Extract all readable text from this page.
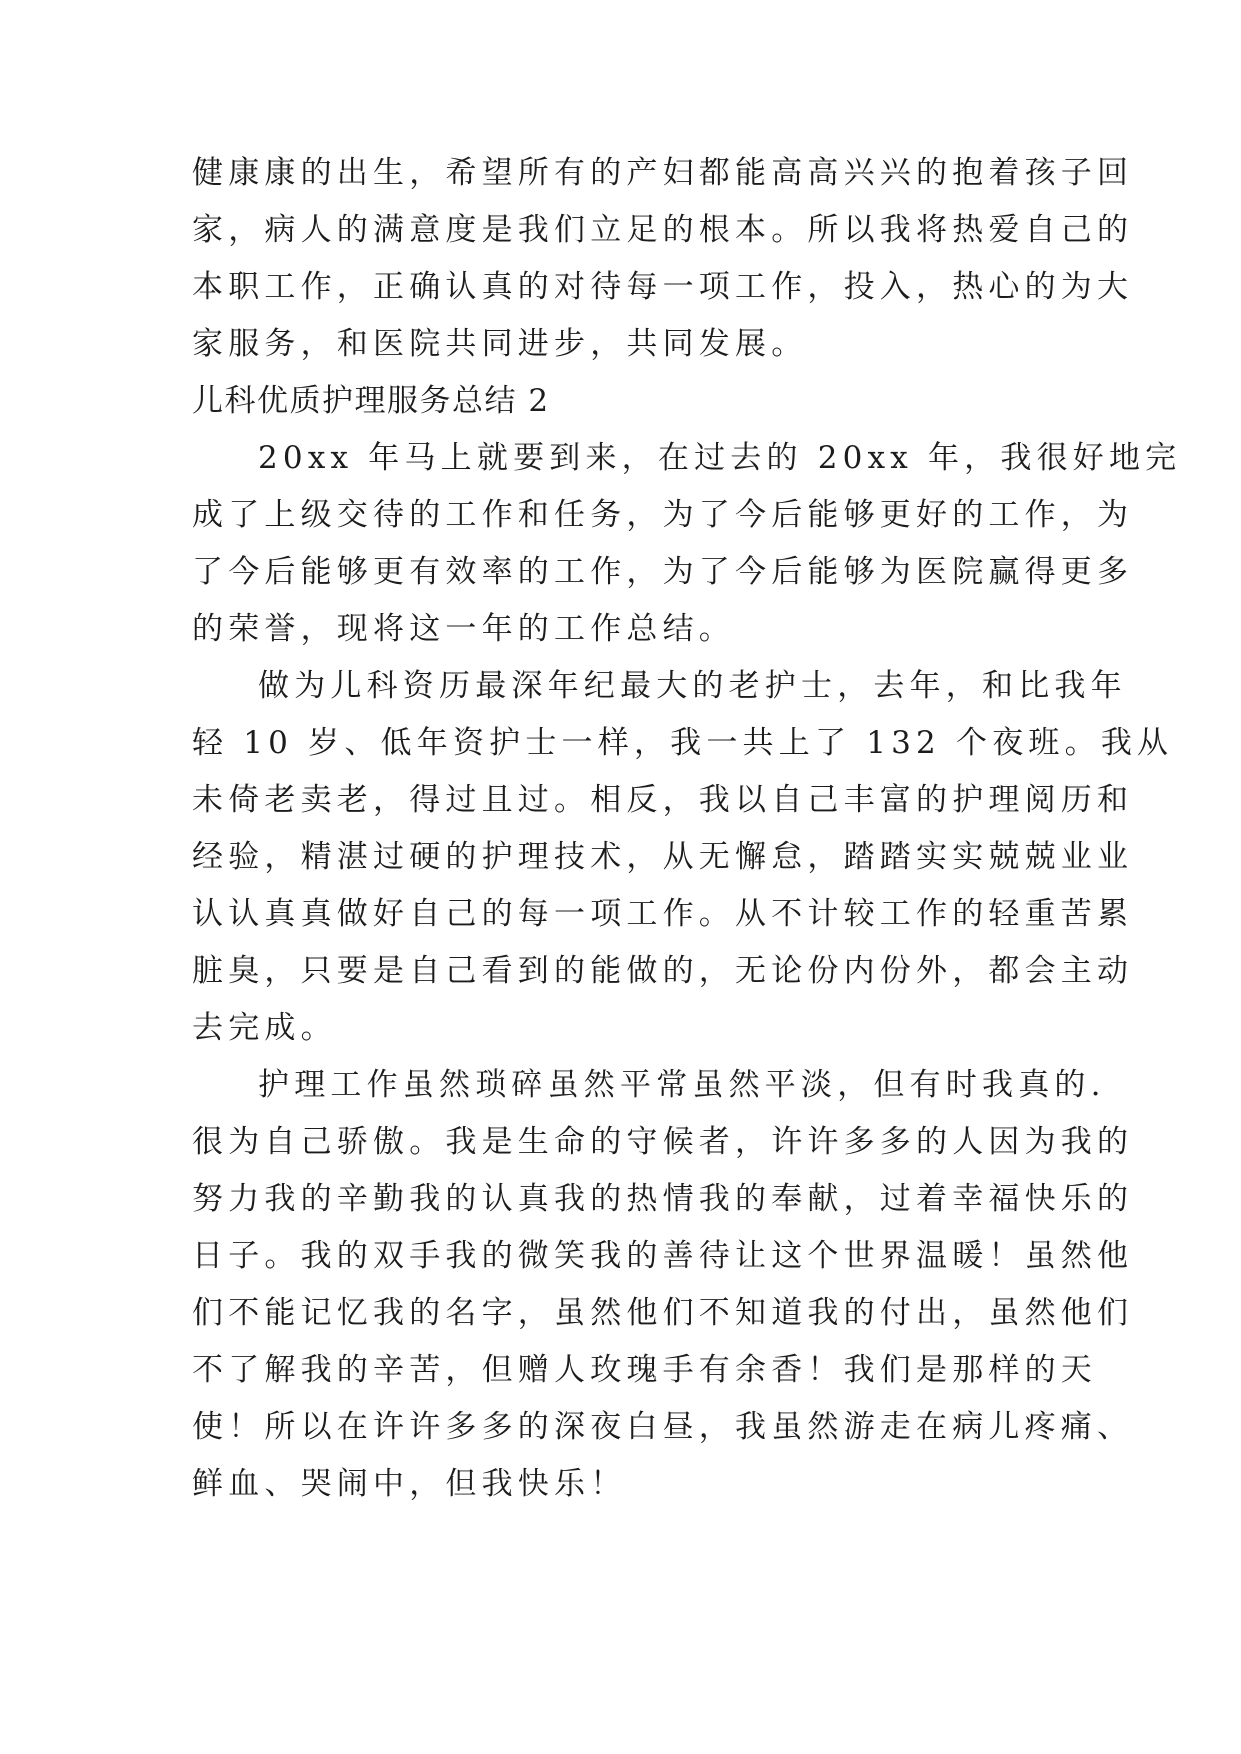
健康康的出生，希望所有的产妇都能高高兴兴的抱着孩子回

家，病人的满意度是我们立足的根本。所以我将热爱自己的

本职工作，正确认真的对待每一项工作，投入，热心的为大

家服务，和医院共同进步，共同发展。

儿科优质护理服务总结 2

20xx 年马上就要到来，在过去的 20xx 年，我很好地完

成了上级交待的工作和任务，为了今后能够更好的工作，为

了今后能够更有效率的工作，为了今后能够为医院赢得更多

的荣誉，现将这一年的工作总结。

做为儿科资历最深年纪最大的老护士，去年，和比我年

轻 10 岁、低年资护士一样，我一共上了 132 个夜班。我从

未倚老卖老，得过且过。相反，我以自己丰富的护理阅历和

经验，精湛过硬的护理技术，从无懈怠，踏踏实实兢兢业业

认认真真做好自己的每一项工作。从不计较工作的轻重苦累

脏臭，只要是自己看到的能做的，无论份内份外，都会主动

去完成。

护理工作虽然琐碎虽然平常虽然平淡，但有时我真的.

很为自己骄傲。我是生命的守候者，许许多多的人因为我的

努力我的辛勤我的认真我的热情我的奉献，过着幸福快乐的

日子。我的双手我的微笑我的善待让这个世界温暖！虽然他

们不能记忆我的名字，虽然他们不知道我的付出，虽然他们

不了解我的辛苦，但赠人玫瑰手有余香！我们是那样的天

使！所以在许许多多的深夜白昼，我虽然游走在病儿疼痛、

鲜血、哭闹中，但我快乐！
